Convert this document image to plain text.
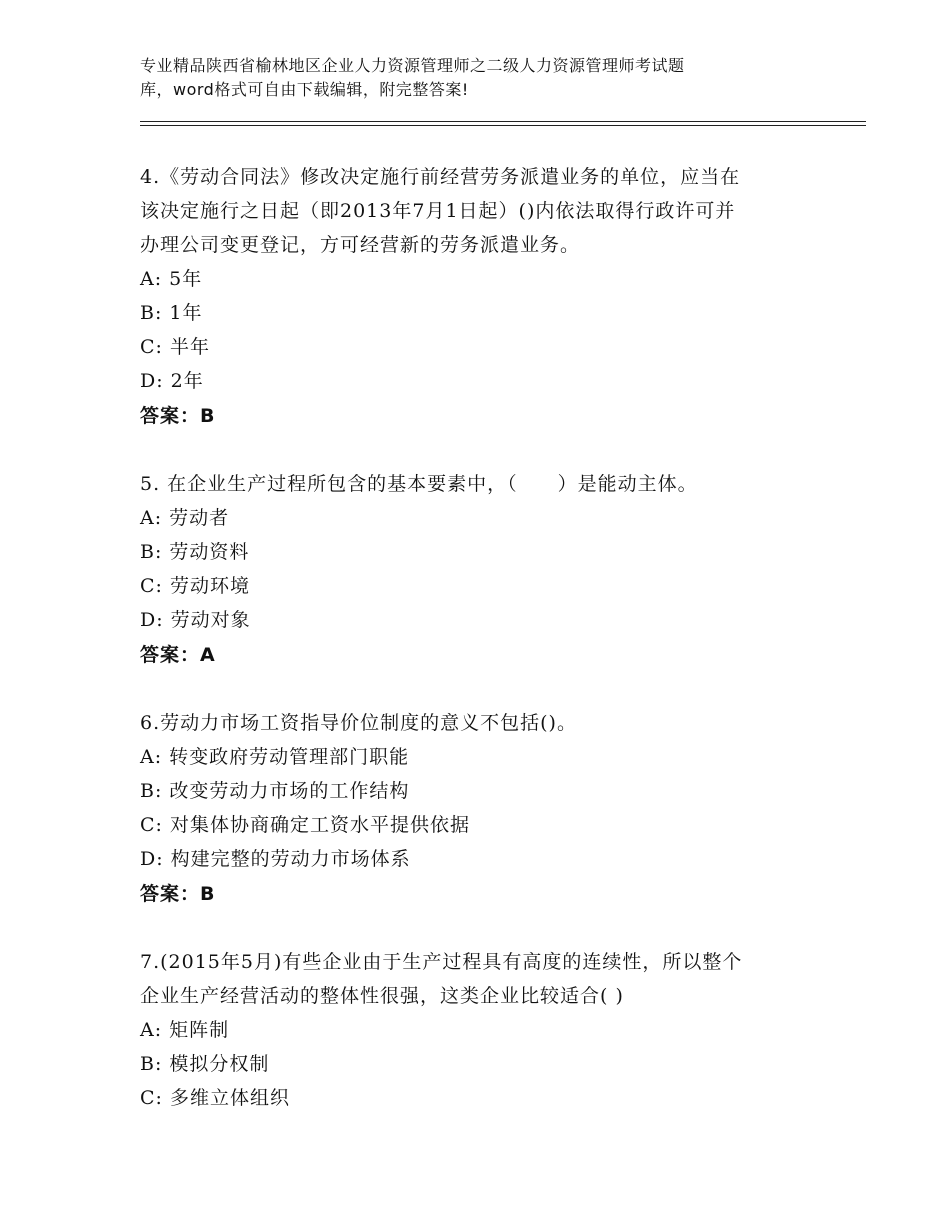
专业精品陕西省榆林地区企业人力资源管理师之二级人力资源管理师考试题
库，word格式可自由下载编辑，附完整答案!
4.《劳动合同法》修改决定施行前经营劳务派遣业务的单位，应当在
该决定施行之日起（即2013年7月1日起）()内依法取得行政许可并
办理公司变更登记，方可经营新的劳务派遣业务。
A: 5年
B: 1年
C: 半年
D: 2年
答案：B
5. 在企业生产过程所包含的基本要素中，（　　）是能动主体。
A: 劳动者
B: 劳动资料
C: 劳动环境
D: 劳动对象
答案：A
6.劳动力市场工资指导价位制度的意义不包括()。
A: 转变政府劳动管理部门职能
B: 改变劳动力市场的工作结构
C: 对集体协商确定工资水平提供依据
D: 构建完整的劳动力市场体系
答案：B
7.(2015年5月)有些企业由于生产过程具有高度的连续性，所以整个
企业生产经营活动的整体性很强，这类企业比较适合( )
A: 矩阵制
B: 模拟分权制
C: 多维立体组织
